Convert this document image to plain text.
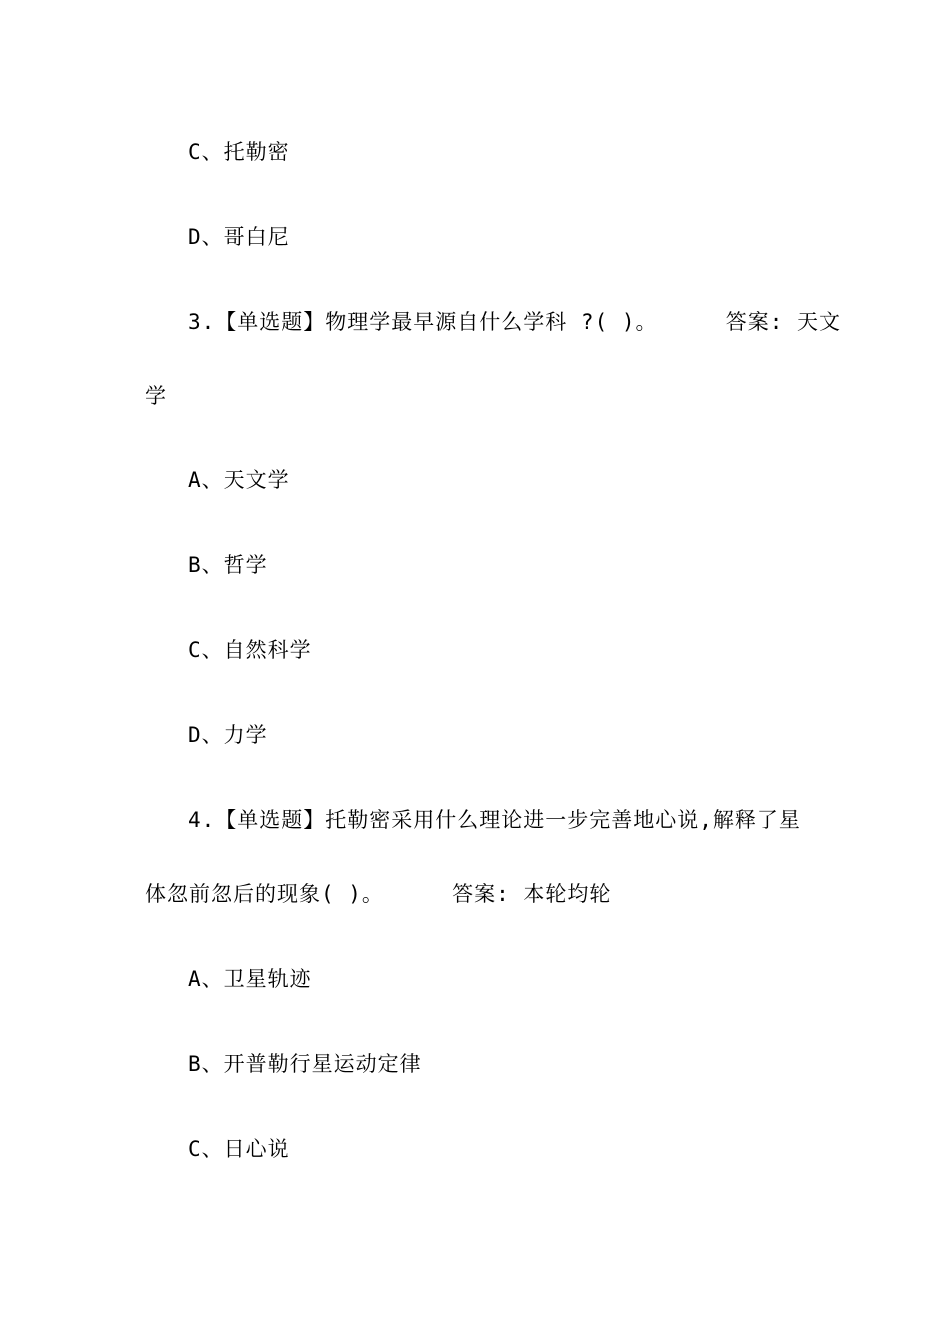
C、托勒密
D、哥白尼
3.【单选题】物理学最早源自什么学科 ?( )。     答案: 天文
学
A、天文学
B、哲学
C、自然科学
D、力学
4.【单选题】托勒密采用什么理论进一步完善地心说,解释了星
体忽前忽后的现象( )。     答案: 本轮均轮
A、卫星轨迹
B、开普勒行星运动定律
C、日心说
